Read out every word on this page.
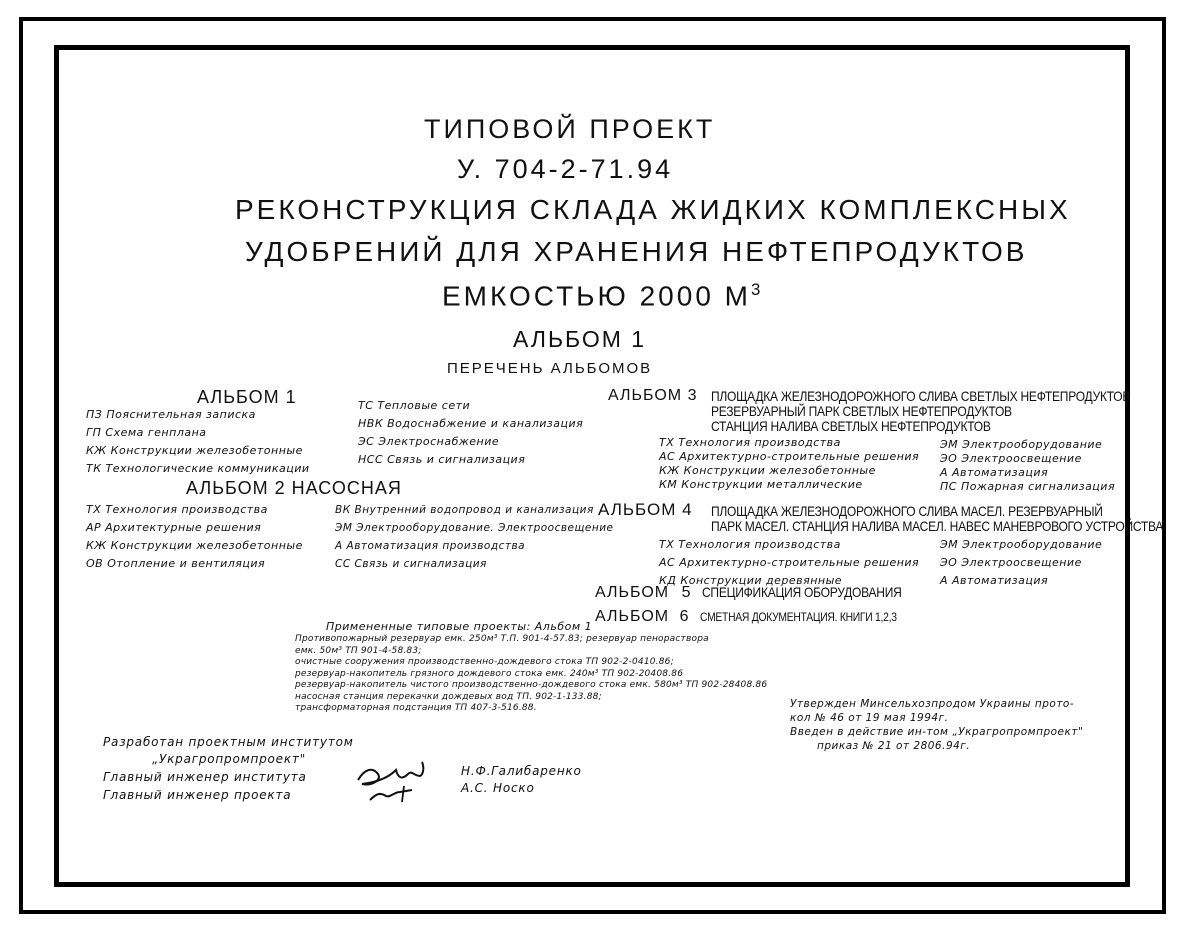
ТИПОВОЙ ПРОЕКТ
У. 704-2-71.94
РЕКОНСТРУКЦИЯ СКЛАДА ЖИДКИХ КОМПЛЕКСНЫХ
УДОБРЕНИЙ ДЛЯ ХРАНЕНИЯ НЕФТЕПРОДУКТОВ
ЕМКОСТЬЮ 2000 $М^3$
АЛЬБОМ 1
ПЕРЕЧЕНЬ АЛЬБОМОВ
АЛЬБОМ 1
ПЗ Пояснительная записка
ГП Схема генплана
КЖ Конструкции железобетонные
ТК Технологические коммуникации
ТС Тепловые сети
НВК Водоснабжение и канализация
ЭС Электроснабжение
НСС Связь и сигнализация
АЛЬБОМ 2 НАСОСНАЯ
ТХ Технология производства
АР Архитектурные решения
КЖ Конструкции железобетонные
ОВ Отопление и вентиляция
ВК Внутренний водопровод и канализация
ЭМ Электрооборудование. Электроосвещение
А Автоматизация производства
СС Связь и сигнализация
АЛЬБОМ 3 ПЛОЩАДКА ЖЕЛЕЗНОДОРОЖНОГО СЛИВА СВЕТЛЫХ НЕФТЕПРОДУКТОВ
РЕЗЕРВУАРНЫЙ ПАРК СВЕТЛЫХ НЕФТЕПРОДУКТОВ
СТАНЦИЯ НАЛИВА СВЕТЛЫХ НЕФТЕПРОДУКТОВ
ТХ Технология производства
АС Архитектурно-строительные решения
КЖ Конструкции железобетонные
КМ Конструкции металлические
ЭМ Электрооборудование
ЭО Электроосвещение
А Автоматизация
ПС Пожарная сигнализация
АЛЬБОМ 4 ПЛОЩАДКА ЖЕЛЕЗНОДОРОЖНОГО СЛИВА МАСЕЛ. РЕЗЕРВУАРНЫЙ
ПАРК МАСЕЛ. СТАНЦИЯ НАЛИВА МАСЕЛ. НАВЕС МАНЕВРОВОГО УСТРОЙСТВА
ТХ Технология производства
АС Архитектурно-строительные решения
КД Конструкции деревянные
ЭМ Электрооборудование
ЭО Электроосвещение
А Автоматизация
АЛЬБОМ 5 СПЕЦИФИКАЦИЯ ОБОРУДОВАНИЯ
АЛЬБОМ 6 СМЕТНАЯ ДОКУМЕНТАЦИЯ. КНИГИ 1,2,3
Примененные типовые проекты: Альбом 1
Противопожарный резервуар емк. 250м³ Т.П. 901-4-57.83; резервуар пенораствора
емк. 50м³ ТП 901-4-58.83;
очистные сооружения производственно-дождевого стока ТП 902-2-0410.86;
резервуар-накопитель грязного дождевого стока емк. 240м³ ТП 902-20408.86
резервуар-накопитель чистого производственно-дождевого стока емк. 580м³ ТП 902-28408.86
насосная станция перекачки дождевых вод ТП. 902-1-133.88;
трансформаторная подстанция ТП 407-3-516.88.	Утвержден Минсельхозпродом Украины прото-
кол № 46 от 19 мая 1994г.
Введен в действие ин-том „Украгропромпроект"
приказ № 21 от 2806.94г.
Разработан проектным институтом
„Украгропромпроект"
Главный инженер института
Главный инженер проекта
Н.Ф.Галибаренко
А.С. Носко
